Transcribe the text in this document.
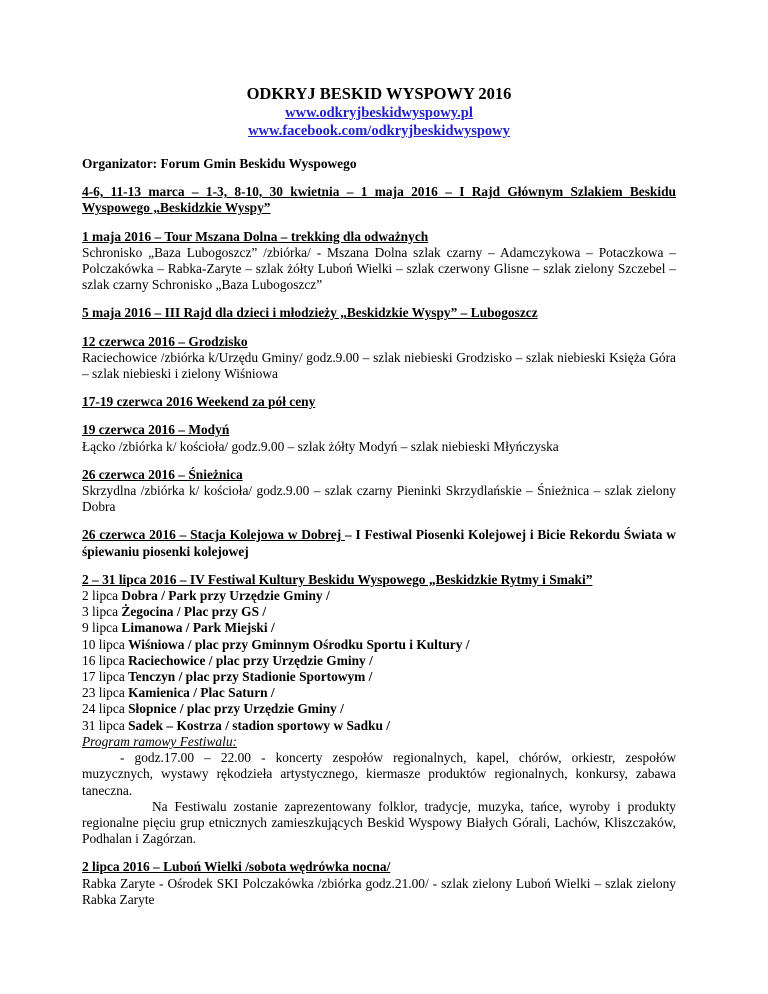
ODKRYJ BESKID WYSPOWY 2016
www.odkryjbeskidwyspowy.pl
www.facebook.com/odkryjbeskidwyspowy
Organizator: Forum Gmin Beskidu Wyspowego
4-6, 11-13 marca – 1-3, 8-10, 30 kwietnia – 1 maja 2016 – I Rajd Głównym Szlakiem Beskidu Wyspowego „Beskidzkie Wyspy”
1 maja 2016 – Tour Mszana Dolna – trekking dla odważnych
Schronisko „Baza Lubogoszcz” /zbiórka/ - Mszana Dolna szlak czarny – Adamczykowa – Potaczkowa – Polczakówka – Rabka-Zaryte – szlak żółty Luboń Wielki – szlak czerwony Glisne – szlak zielony Szczebel – szlak czarny Schronisko „Baza Lubogoszcz”
5 maja 2016 – III Rajd dla dzieci i młodzieży „Beskidzkie Wyspy” – Lubogoszcz
12 czerwca 2016 – Grodzisko
Raciechowice /zbiórka k/Urzędu Gminy/ godz.9.00 – szlak niebieski Grodzisko – szlak niebieski Księża Góra – szlak niebieski i zielony Wiśniowa
17-19 czerwca 2016 Weekend za pół ceny
19 czerwca 2016 – Modyń
Łącko /zbiórka k/ kościoła/ godz.9.00 – szlak żółty Modyń – szlak niebieski Młyńczyska
26 czerwca 2016 – Śnieżnica
Skrzydlna /zbiórka k/ kościoła/ godz.9.00 – szlak czarny Pieninki Skrzydlańskie – Śnieżnica – szlak zielony Dobra
26 czerwca 2016 – Stacja Kolejowa w Dobrej – I Festiwal Piosenki Kolejowej i Bicie Rekordu Świata w śpiewaniu piosenki kolejowej
2 – 31 lipca 2016 – IV Festiwal Kultury Beskidu Wyspowego „Beskidzkie Rytmy i Smaki”
2 lipca Dobra / Park przy Urzędzie Gminy /
3 lipca Żegocina / Plac przy GS /
9 lipca Limanowa / Park Miejski /
10 lipca Wiśniowa / plac przy Gminnym Ośrodku Sportu i Kultury /
16 lipca Raciechowice / plac przy Urzędzie Gminy /
17 lipca Tenczyn / plac przy Stadionie Sportowym /
23 lipca Kamienica / Plac Saturn /
24 lipca Słopnice / plac przy Urzędzie Gminy /
31 lipca Sadek – Kostrza / stadion sportowy w Sadku /
Program ramowy Festiwalu:
- godz.17.00 – 22.00 - koncerty zespołów regionalnych, kapel, chórów, orkiestr, zespołów muzycznych, wystawy rękodzieła artystycznego, kiermasze produktów regionalnych, konkursy, zabawa taneczna.
Na Festiwalu zostanie zaprezentowany folklor, tradycje, muzyka, tańce, wyroby i produkty regionalne pięciu grup etnicznych zamieszkujących Beskid Wyspowy Białych Górali, Lachów, Kliszczaków, Podhalan i Zagórzan.
2 lipca 2016 – Luboń Wielki /sobota wędrówka nocna/
Rabka Zaryte - Ośrodek SKI Polczakówka /zbiórka godz.21.00/ - szlak zielony Luboń Wielki – szlak zielony Rabka Zaryte
